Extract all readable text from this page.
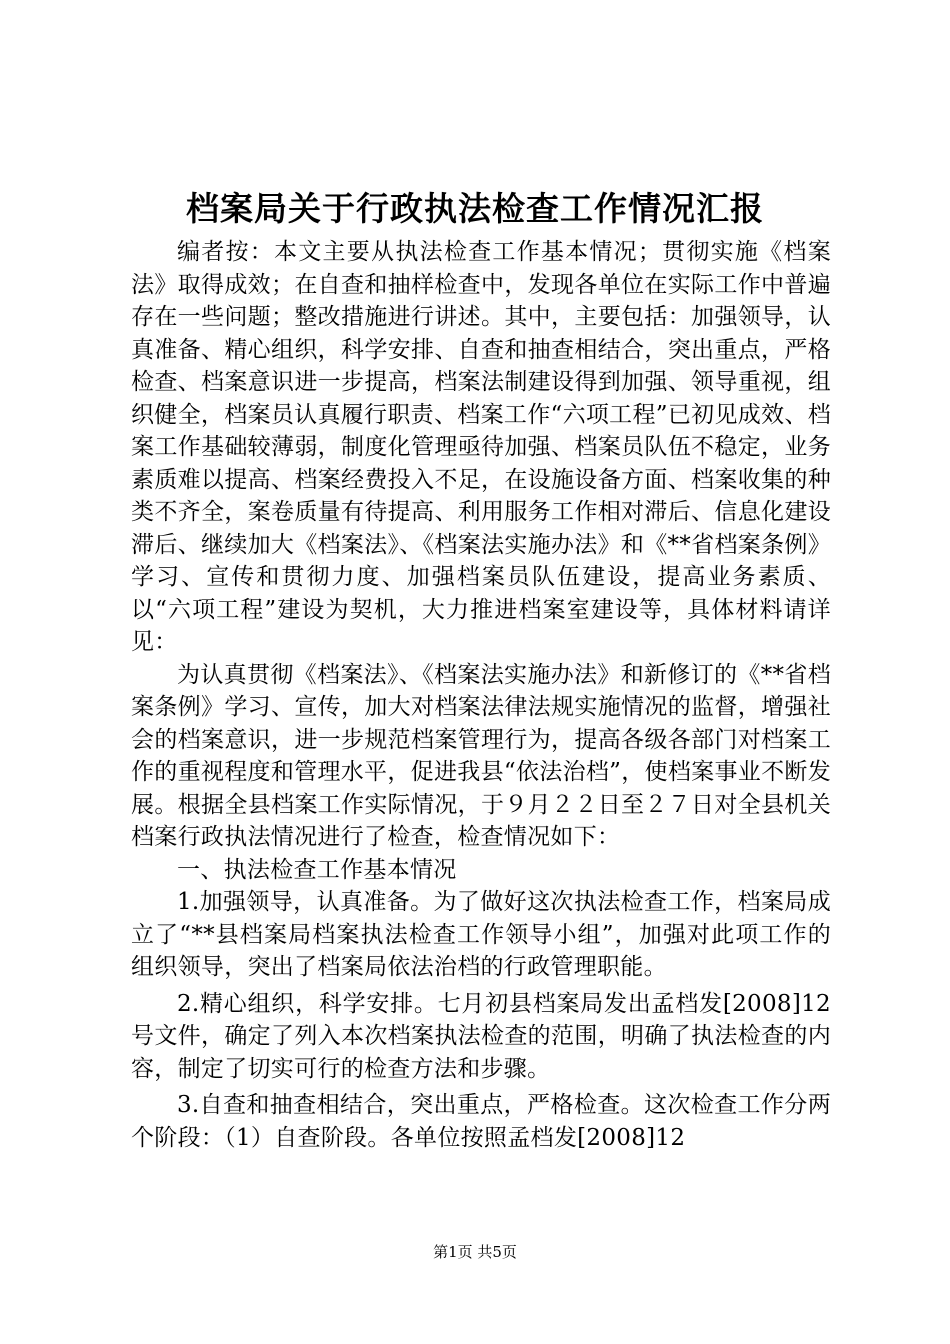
档案局关于行政执法检查工作情况汇报

编者按：本文主要从执法检查工作基本情况；贯彻实施《档案法》取得成效；在自查和抽样检查中，发现各单位在实际工作中普遍存在一些问题；整改措施进行讲述。其中，主要包括：加强领导，认真准备、精心组织，科学安排、自查和抽查相结合，突出重点，严格检查、档案意识进一步提高，档案法制建设得到加强、领导重视，组织健全，档案员认真履行职责、档案工作“六项工程”已初见成效、档案工作基础较薄弱，制度化管理亟待加强、档案员队伍不稳定，业务素质难以提高、档案经费投入不足，在设施设备方面、档案收集的种类不齐全，案卷质量有待提高、利用服务工作相对滞后、信息化建设滞后、继续加大《档案法》、《档案法实施办法》和《**省档案条例》学习、宣传和贯彻力度、加强档案员队伍建设，提高业务素质、以“六项工程”建设为契机，大力推进档案室建设等，具体材料请详见：

为认真贯彻《档案法》、《档案法实施办法》和新修订的《**省档案条例》学习、宣传，加大对档案法律法规实施情况的监督，增强社会的档案意识，进一步规范档案管理行为，提高各级各部门对档案工作的重视程度和管理水平，促进我县“依法治档”，使档案事业不断发展。根据全县档案工作实际情况，于９月２２日至２７日对全县机关档案行政执法情况进行了检查，检查情况如下：

一、执法检查工作基本情况

1.加强领导，认真准备。为了做好这次执法检查工作，档案局成立了“**县档案局档案执法检查工作领导小组”，加强对此项工作的组织领导，突出了档案局依法治档的行政管理职能。

2.精心组织，科学安排。七月初县档案局发出孟档发[2008]12号文件，确定了列入本次档案执法检查的范围，明确了执法检查的内容，制定了切实可行的检查方法和步骤。

3.自查和抽查相结合，突出重点，严格检查。这次检查工作分两个阶段：（1）自查阶段。各单位按照孟档发[2008]12

第1页 共5页
